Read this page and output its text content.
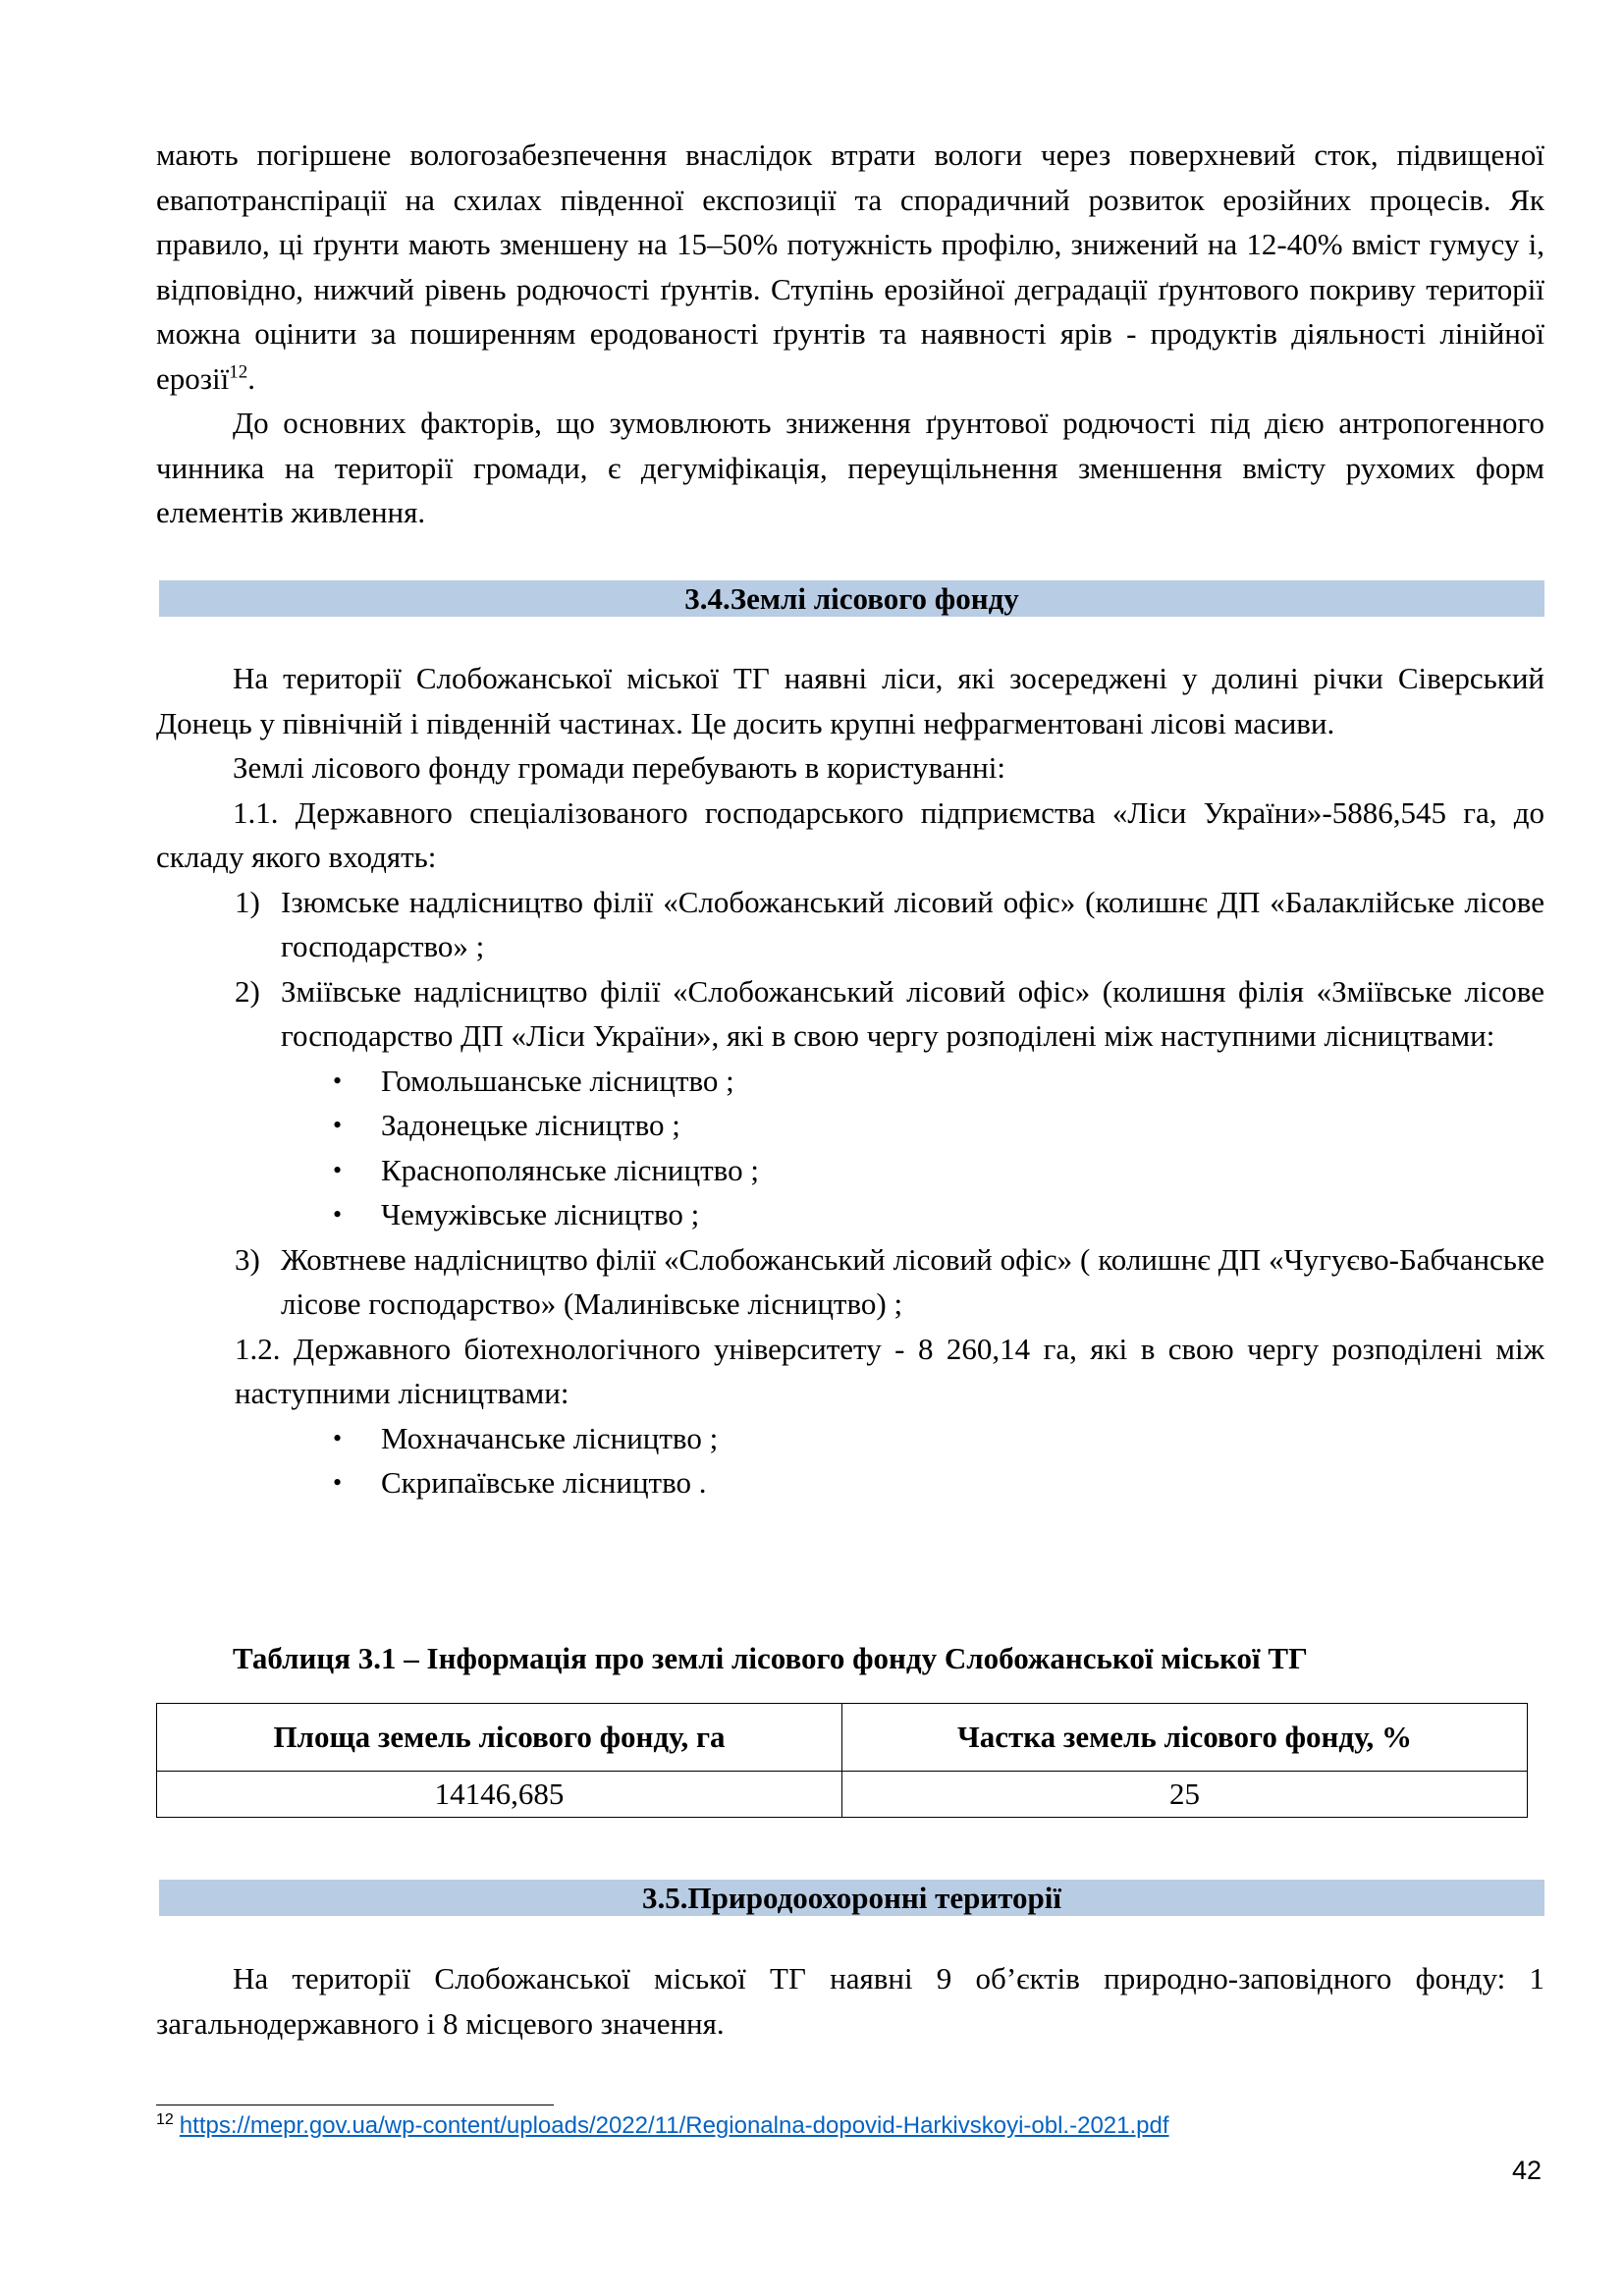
мають погіршене вологозабезпечення внаслідок втрати вологи через поверхневий сток, підвищеної евапотранспірації на схилах південної експозиції та спорадичний розвиток ерозійних процесів. Як правило, ці ґрунти мають зменшену на 15–50% потужність профілю, знижений на 12-40% вміст гумусу і, відповідно, нижчий рівень родючості ґрунтів. Ступінь ерозійної деградації ґрунтового покриву території можна оцінити за поширенням еродованості ґрунтів та наявності ярів - продуктів діяльності лінійної ерозії$^{12}$.

До основних факторів, що зумовлюють зниження ґрунтової родючості під дією антропогенного чинника на території громади, є дегуміфікація, переущільнення зменшення вмісту рухомих форм елементів живлення.

3.4.Землі лісового фонду

На території Слобожанської міської ТГ наявні ліси, які зосереджені у долині річки Сіверський Донець у північній і південній частинах. Це досить крупні нефрагментовані лісові масиви.

Землі лісового фонду громади перебувають в користуванні:

1.1. Державного спеціалізованого господарського підприємства «Ліси України»-5886,545 га, до складу якого входять:

1) Ізюмське надлісництво філії «Слобожанський лісовий офіс» (колишнє ДП «Балаклійське лісове господарство» ;
2) Зміївське надлісництво філії «Слобожанський лісовий офіс» (колишня філія «Зміївське лісове господарство ДП «Ліси України», які в свою чергу розподілені між наступними лісництвами:
• Гомольшанське лісництво ;
• Задонецьке лісництво ;
• Краснополянське лісництво ;
• Чемужівське лісництво ;
3) Жовтневе надлісництво філії «Слобожанський лісовий офіс» ( колишнє ДП «Чугуєво-Бабчанське лісове господарство» (Малинівське лісництво) ;

1.2. Державного біотехнологічного університету - 8 260,14 га, які в свою чергу розподілені між наступними лісництвами:

• Мохначанське лісництво ;
• Скрипаївське лісництво .

Таблиця 3.1 – Інформація про землі лісового фонду Слобожанської міської ТГ

Площа земель лісового фонду, га	Частка земель лісового фонду, %
14146,685	25
3.5.Природоохоронні території

На території Слобожанської міської ТГ наявні 9 об’єктів природно-заповідного фонду: 1 загальнодержавного і 8 місцевого значення.

$^{12}$ https://mepr.gov.ua/wp-content/uploads/2022/11/Regionalna-dopovid-Harkivskoyi-obl.-2021.pdf
42
